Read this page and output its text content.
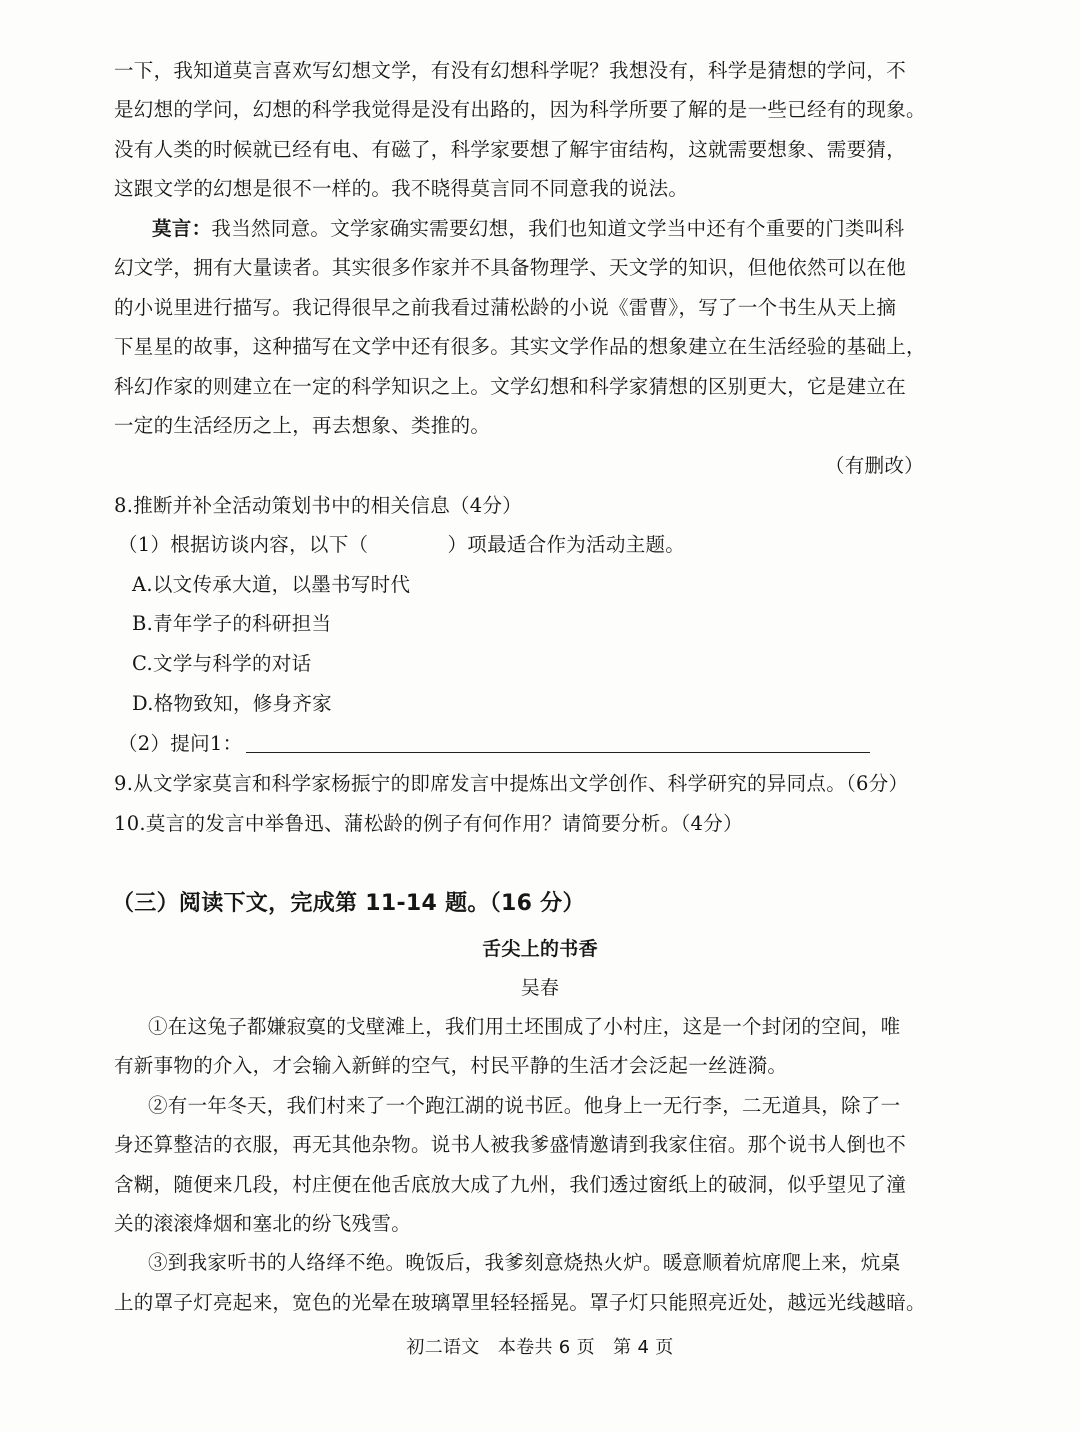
一下，我知道莫言喜欢写幻想文学，有没有幻想科学呢？我想没有，科学是猜想的学问，不
是幻想的学问，幻想的科学我觉得是没有出路的，因为科学所要了解的是一些已经有的现象。
没有人类的时候就已经有电、有磁了，科学家要想了解宇宙结构，这就需要想象、需要猜，
这跟文学的幻想是很不一样的。我不晓得莫言同不同意我的说法。
莫言：我当然同意。文学家确实需要幻想，我们也知道文学当中还有个重要的门类叫科
幻文学，拥有大量读者。其实很多作家并不具备物理学、天文学的知识，但他依然可以在他
的小说里进行描写。我记得很早之前我看过蒲松龄的小说《雷曹》，写了一个书生从天上摘
下星星的故事，这种描写在文学中还有很多。其实文学作品的想象建立在生活经验的基础上，
科幻作家的则建立在一定的科学知识之上。文学幻想和科学家猜想的区别更大，它是建立在
一定的生活经历之上，再去想象、类推的。
（有删改）
8.推断并补全活动策划书中的相关信息（4分）
（1）根据访谈内容，以下（　　　　）项最适合作为活动主题。
A.以文传承大道，以墨书写时代
B.青年学子的科研担当
C.文学与科学的对话
D.格物致知，修身齐家
（2）提问1：
9.从文学家莫言和科学家杨振宁的即席发言中提炼出文学创作、科学研究的异同点。（6分）
10.莫言的发言中举鲁迅、蒲松龄的例子有何作用？请简要分析。（4分）
（三）阅读下文，完成第 11-14 题。（16 分）
舌尖上的书香
吴春
①在这兔子都嫌寂寞的戈壁滩上，我们用土坯围成了小村庄，这是一个封闭的空间，唯
有新事物的介入，才会输入新鲜的空气，村民平静的生活才会泛起一丝涟漪。
②有一年冬天，我们村来了一个跑江湖的说书匠。他身上一无行李，二无道具，除了一
身还算整洁的衣服，再无其他杂物。说书人被我爹盛情邀请到我家住宿。那个说书人倒也不
含糊，随便来几段，村庄便在他舌底放大成了九州，我们透过窗纸上的破洞，似乎望见了潼
关的滚滚烽烟和塞北的纷飞残雪。
③到我家听书的人络绎不绝。晚饭后，我爹刻意烧热火炉。暖意顺着炕席爬上来，炕桌
上的罩子灯亮起来，宽色的光晕在玻璃罩里轻轻摇晃。罩子灯只能照亮近处，越远光线越暗。
初二语文　本卷共 6 页　第 4 页
